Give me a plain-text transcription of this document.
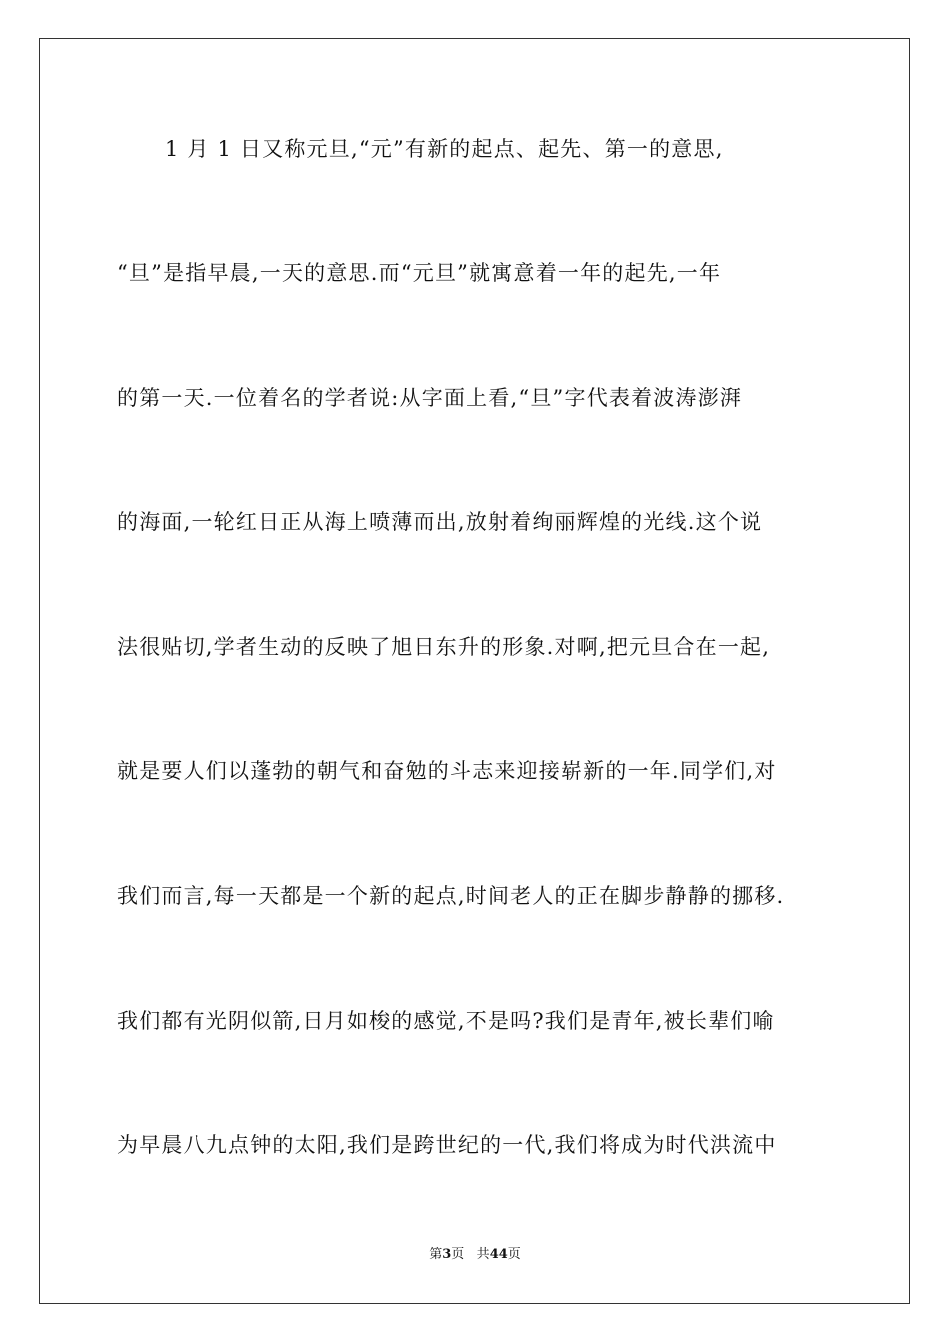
1 月 1 日又称元旦,“元”有新的起点、起先、第一的意思,
“旦”是指早晨,一天的意思.而“元旦”就寓意着一年的起先,一年
的第一天.一位着名的学者说:从字面上看,“旦”字代表着波涛澎湃
的海面,一轮红日正从海上喷薄而出,放射着绚丽辉煌的光线.这个说
法很贴切,学者生动的反映了旭日东升的形象.对啊,把元旦合在一起,
就是要人们以蓬勃的朝气和奋勉的斗志来迎接崭新的一年.同学们,对
我们而言,每一天都是一个新的起点,时间老人的正在脚步静静的挪移.
我们都有光阴似箭,日月如梭的感觉,不是吗?我们是青年,被长辈们喻
为早晨八九点钟的太阳,我们是跨世纪的一代,我们将成为时代洪流中
第3页 共44页
